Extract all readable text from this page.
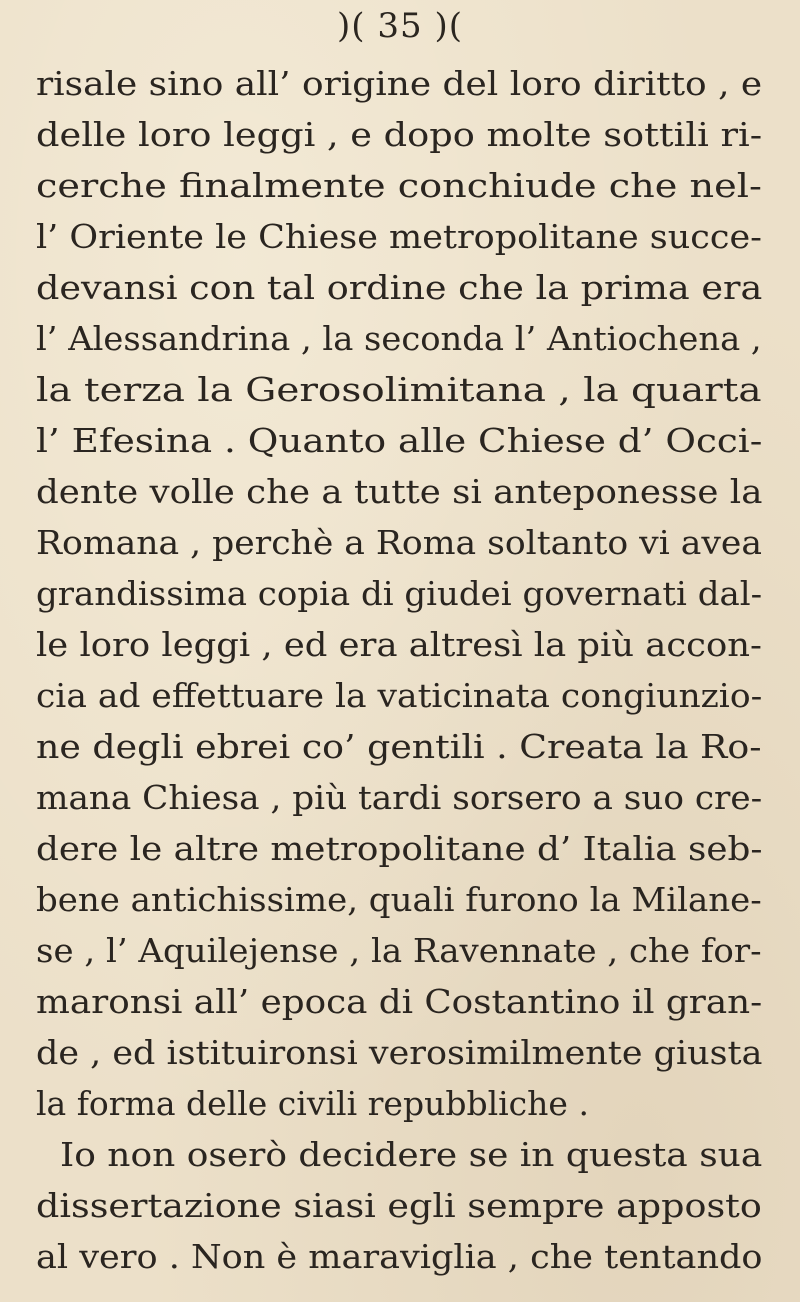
)( 35 )(
risale sino all’ origine del loro diritto , e
delle loro leggi , e dopo molte sottili ri-
cerche finalmente conchiude che nel-
l’ Oriente le Chiese metropolitane succe-
devansi con tal ordine che la prima era
l’ Alessandrina , la seconda l’ Antiochena ,
la terza la Gerosolimitana , la quarta
l’ Efesina . Quanto alle Chiese d’ Occi-
dente volle che a tutte si anteponesse la
Romana , perchè a Roma soltanto vi avea
grandissima copia di giudei governati dal-
le loro leggi , ed era altresì la più accon-
cia ad effettuare la vaticinata congiunzio-
ne degli ebrei co’ gentili . Creata la Ro-
mana Chiesa , più tardi sorsero a suo cre-
dere le altre metropolitane d’ Italia seb-
bene antichissime, quali furono la Milane-
se , l’ Aquilejense , la Ravennate , che for-
maronsi all’ epoca di Costantino il gran-
de , ed istituironsi verosimilmente giusta
la forma delle civili repubbliche .
Io non oserò decidere se in questa sua
dissertazione siasi egli sempre apposto
al vero . Non è maraviglia , che tentando
